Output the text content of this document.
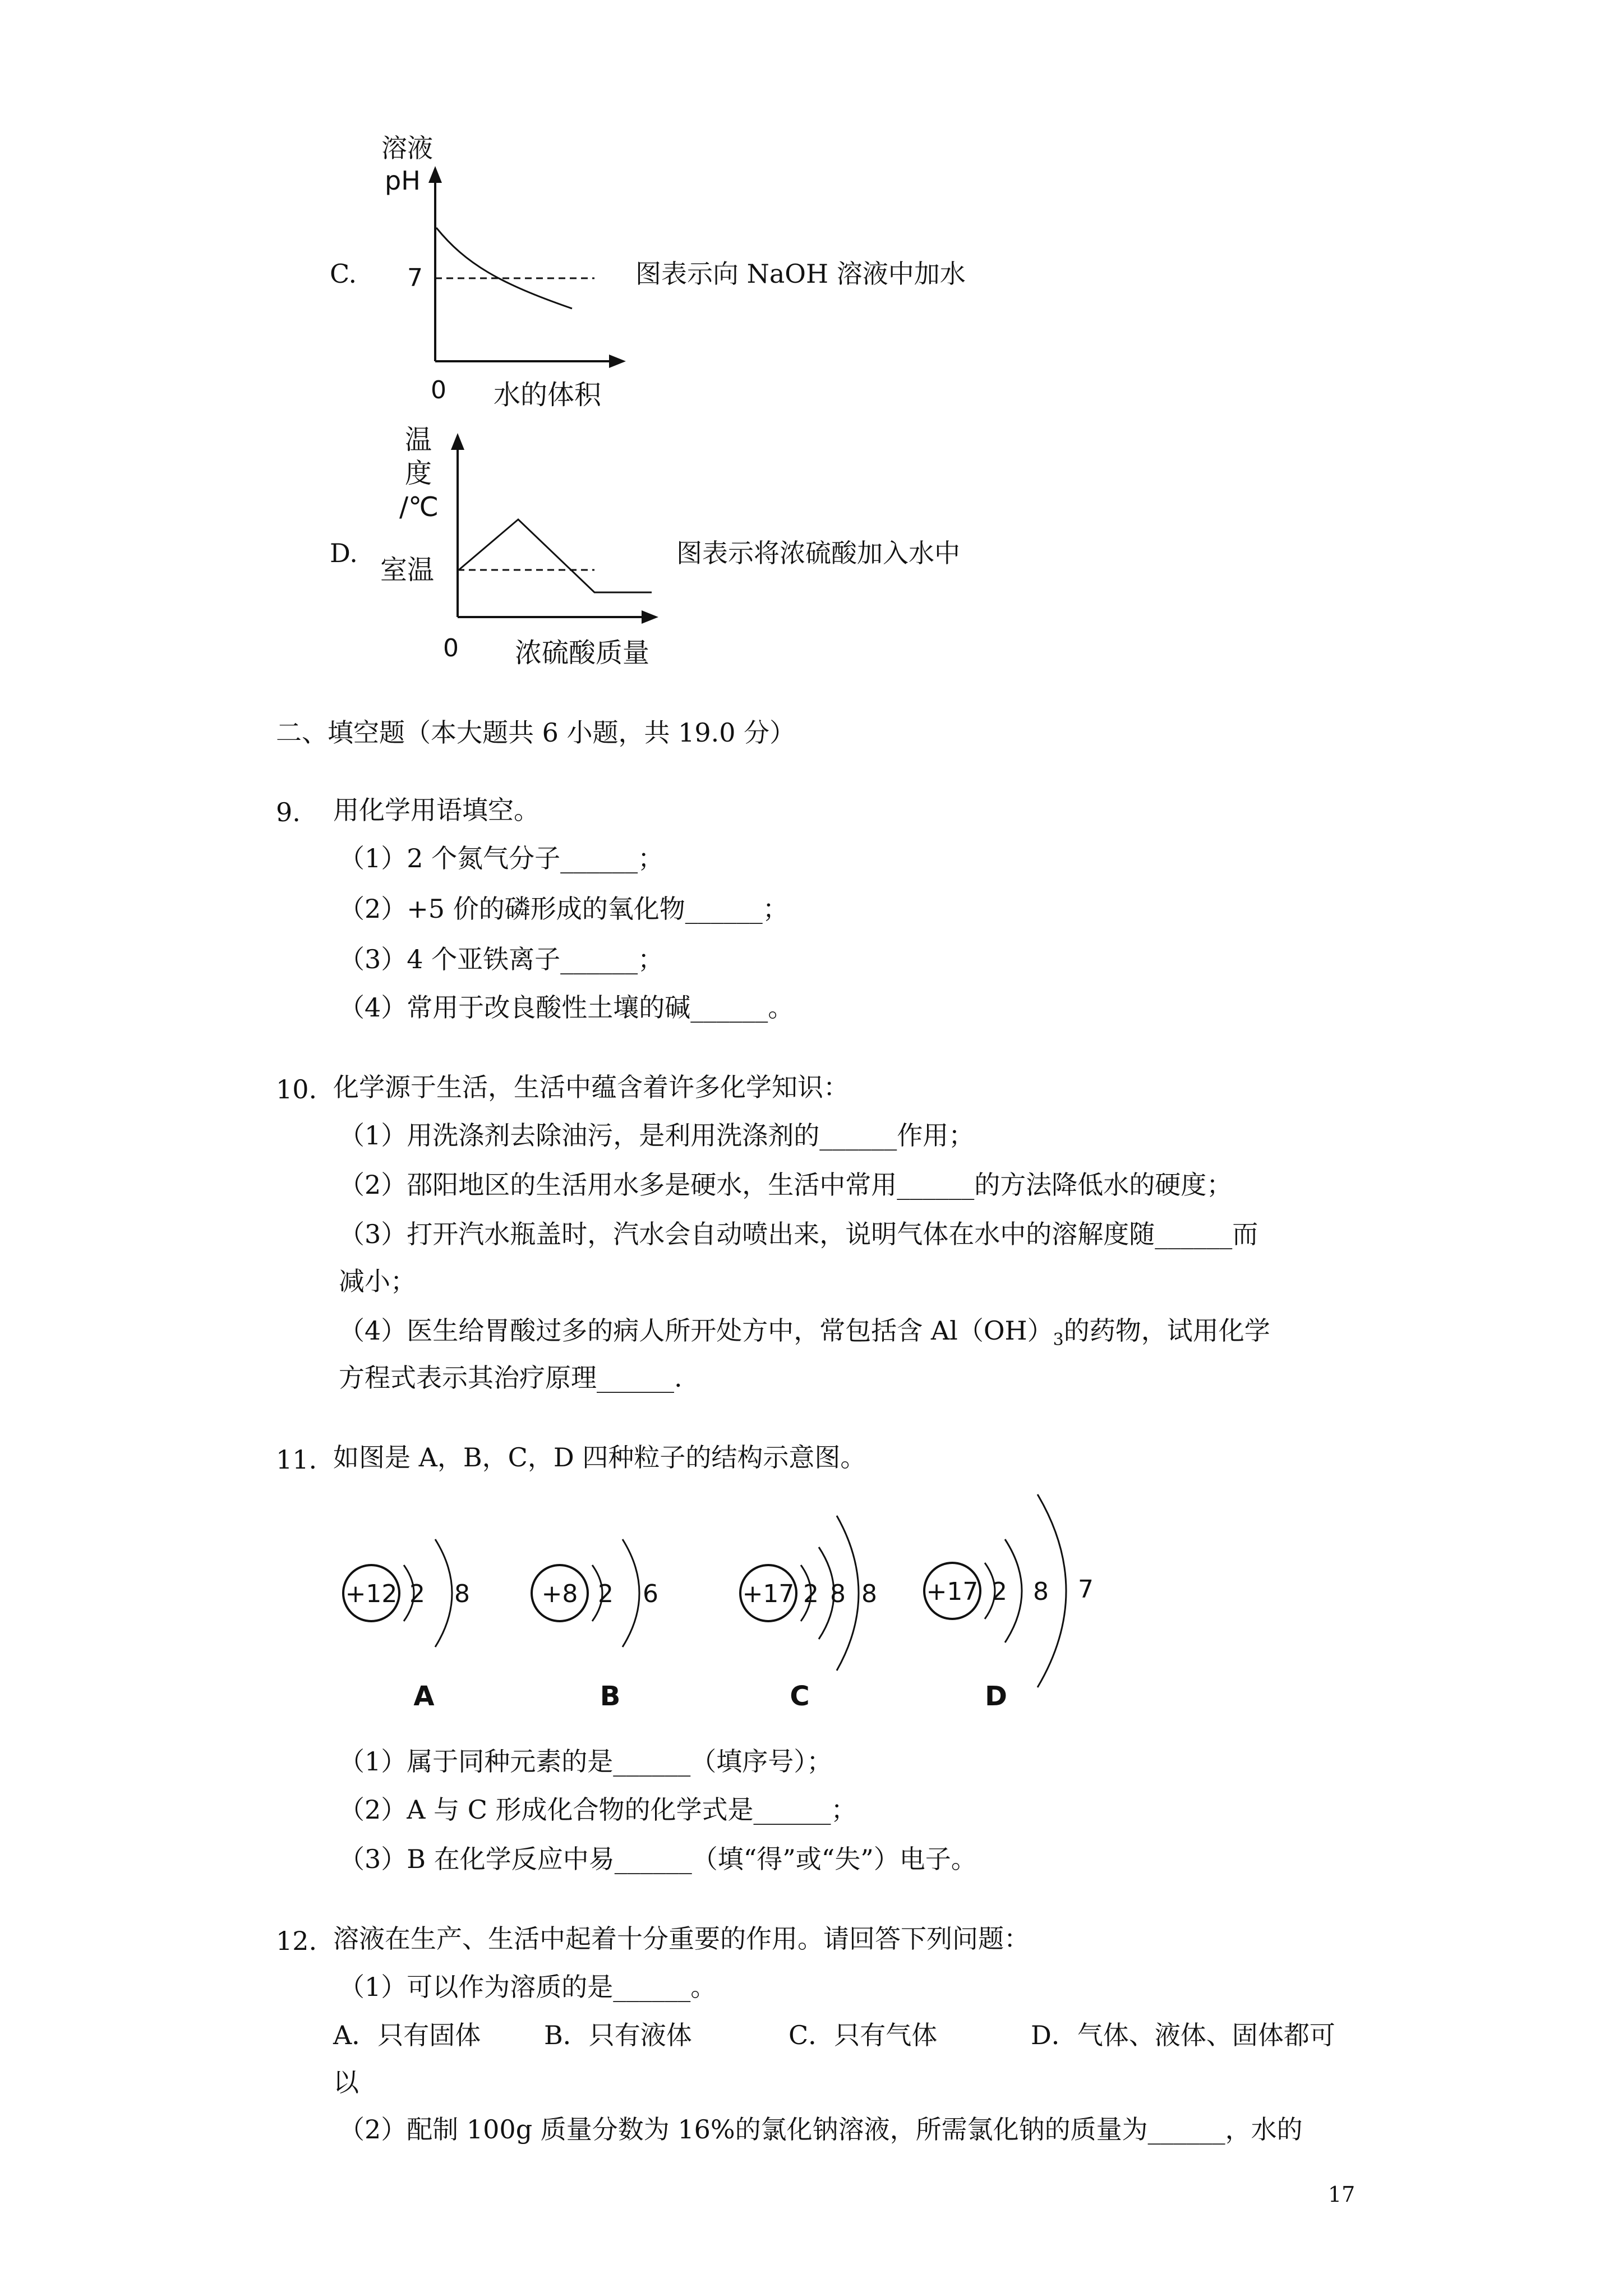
C.
溶液
pH
7
0 水的体积
图表示向 NaOH 溶液中加水
D.
温
度
/℃
室温
0 浓硫酸质量
图表示将浓硫酸加入水中
二、填空题（本大题共 6 小题，共 19.0 分）
9. 用化学用语填空。
（1）2 个氮气分子______；
（2）+5 价的磷形成的氧化物______；
（3）4 个亚铁离子______；
（4）常用于改良酸性土壤的碱______。
10. 化学源于生活，生活中蕴含着许多化学知识：
（1）用洗涤剂去除油污，是利用洗涤剂的______作用；
（2）邵阳地区的生活用水多是硬水，生活中常用______的方法降低水的硬度；
（3）打开汽水瓶盖时，汽水会自动喷出来，说明气体在水中的溶解度随______而
减小；
（4）医生给胃酸过多的病人所开处方中，常包括含 $Al(OH)_3$的药物，试用化学
方程式表示其治疗原理______.
11. 如图是 A，B，C，D 四种粒子的结构示意图。
+12 2 8
A
+8 2 6
B
+17 2 8 8
C
+17 2 8 7
D
（1）属于同种元素的是______（填序号）；
（2）A 与 C 形成化合物的化学式是______；
（3）B 在化学反应中易______（填“得”或“失”）电子。
12. 溶液在生产、生活中起着十分重要的作用。请回答下列问题：
（1）可以作为溶质的是______。
A．只有固体 B．只有液体	C．只有气体	D．气体、液体、固体都可
以
（2）配制 100g 质量分数为 16%的氯化钠溶液，所需氯化钠的质量为______，水的
17
